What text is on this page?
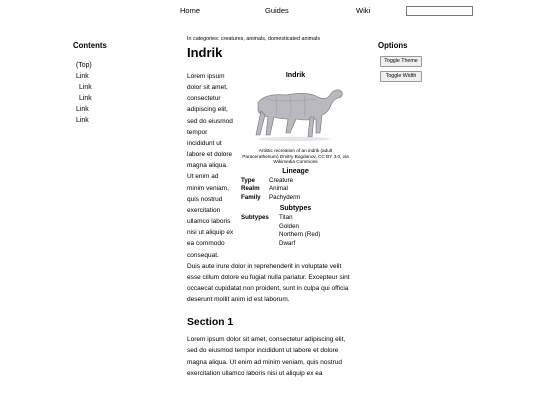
Home	Guides	Wiki
Contents
(Top)
Link
Link
Link
Link
Link
Options
Toggle Theme
Toggle Width
In categories: creatures, animals, domesticated animals
Indrik
Indrik
Artistic recreation of an indrik (adult Paraceratherium) Dmitry Bogdanov, CC BY 3.0, via Wikimedia Commons
Lineage
Type	Creature
Realm	Animal
Family	Pachyderm
Subtypes
Subtypes	Titan
Golden
Northern (Red)
Dwarf

Lorem ipsum dolor sit amet, consectetur adipiscing elit, sed do eiusmod tempor incididunt ut labore et dolore magna aliqua. Ut enim ad minim veniam, quis nostrud exercitation ullamco laboris nisi ut aliquip ex ea commodo consequat.

Duis aute irure dolor in reprehenderit in voluptate velit esse cillum dolore eu fugiat nulla pariatur. Excepteur sint occaecat cupidatat non proident, sunt in culpa qui officia deserunt mollit anim id est laborum.

Section 1

Lorem ipsum dolor sit amet, consectetur adipiscing elit, sed do eiusmod tempor incididunt ut labore et dolore magna aliqua. Ut enim ad minim veniam, quis nostrud exercitation ullamco laboris nisi ut aliquip ex ea
